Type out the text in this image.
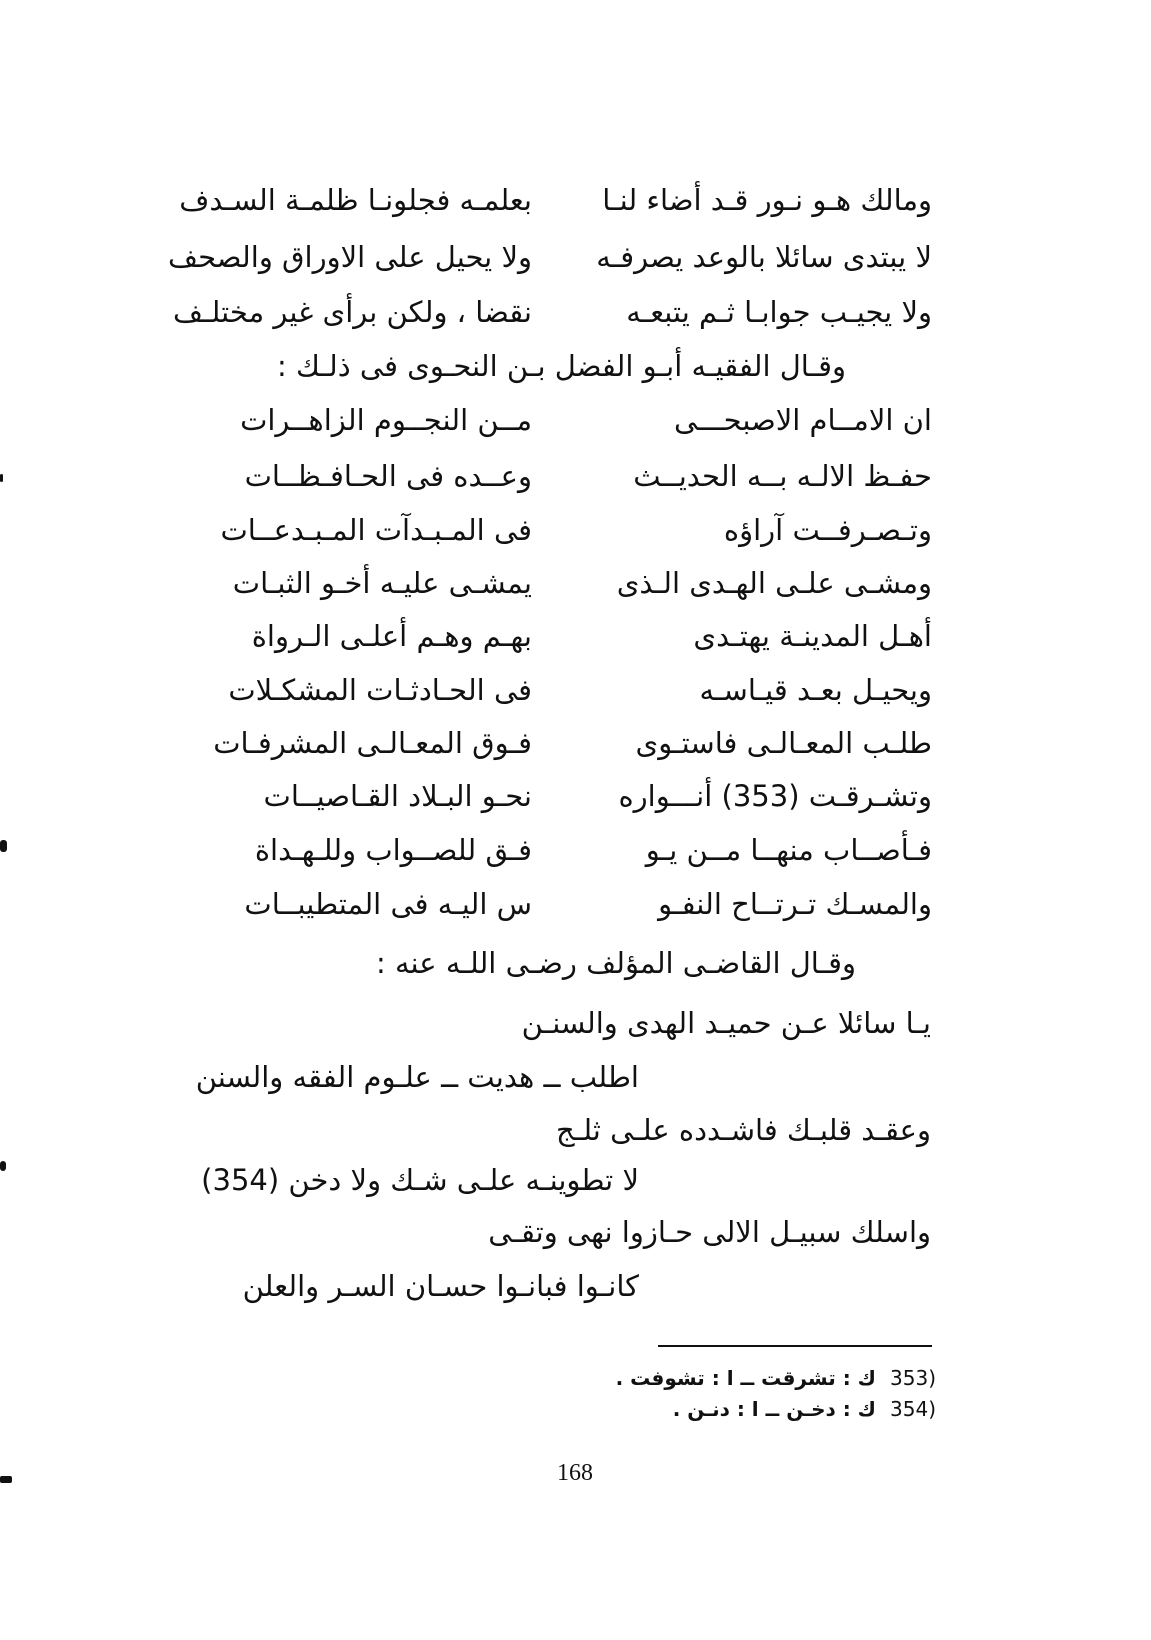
ومالك هـو نـور قـد أضاء لنـا
بعلمـه فجلونـا ظلمـة السـدف
لا يبتدى سائلا بالوعد يصرفـه
ولا يحيل على الاوراق والصحف
ولا يجيـب جوابـا ثـم يتبعـه
نقضا ، ولكن برأى غير مختلـف
وقـال الفقيـه أبـو الفضل بـن النحـوى فى ذلـك :
ان الامــام الاصبحـــى
مــن النجــوم الزاهــرات
حفـظ الالـه بــه الحديــث
وعــده فى الحـافـظــات
وتـصـرفــت آراؤه
فى المـبـدآت المـبـدعــات
ومشـى علـى الهـدى الـذى
يمشـى عليـه أخـو الثبـات
أهـل المدينـة يهتـدى
بهـم وهـم أعلـى الـرواة
ويحيـل بعـد قيـاسـه
فى الحـادثـات المشكـلات
طلـب المعـالـى فاستـوى
فـوق المعـالـى المشرفـات
وتشـرقـت (353) أنـــواره
نحـو البـلاد القـاصيــات
فـأصــاب منهــا مــن يـو
فـق للصــواب وللـهـداة
والمسـك تـرتــاح النفـو
س اليـه فى المتطيبــات
وقـال القاضـى المؤلف رضـى اللـه عنه :
يـا سائلا عـن حميـد الهدى والسنـن
اطلب ــ هديت ــ علـوم الفقه والسنن
وعقـد قلبـك فاشـدده علـى ثلـج
لا تطوينـه علـى شـك ولا دخن (354)
واسلك سبيـل الالى حـازوا نهى وتقـى
كانـوا فبانـوا حسـان السـر والعلن
(353ك : تشرقت ــ ا : تشوفت .
(354ك : دخـن ــ ا : دنـن .
168
